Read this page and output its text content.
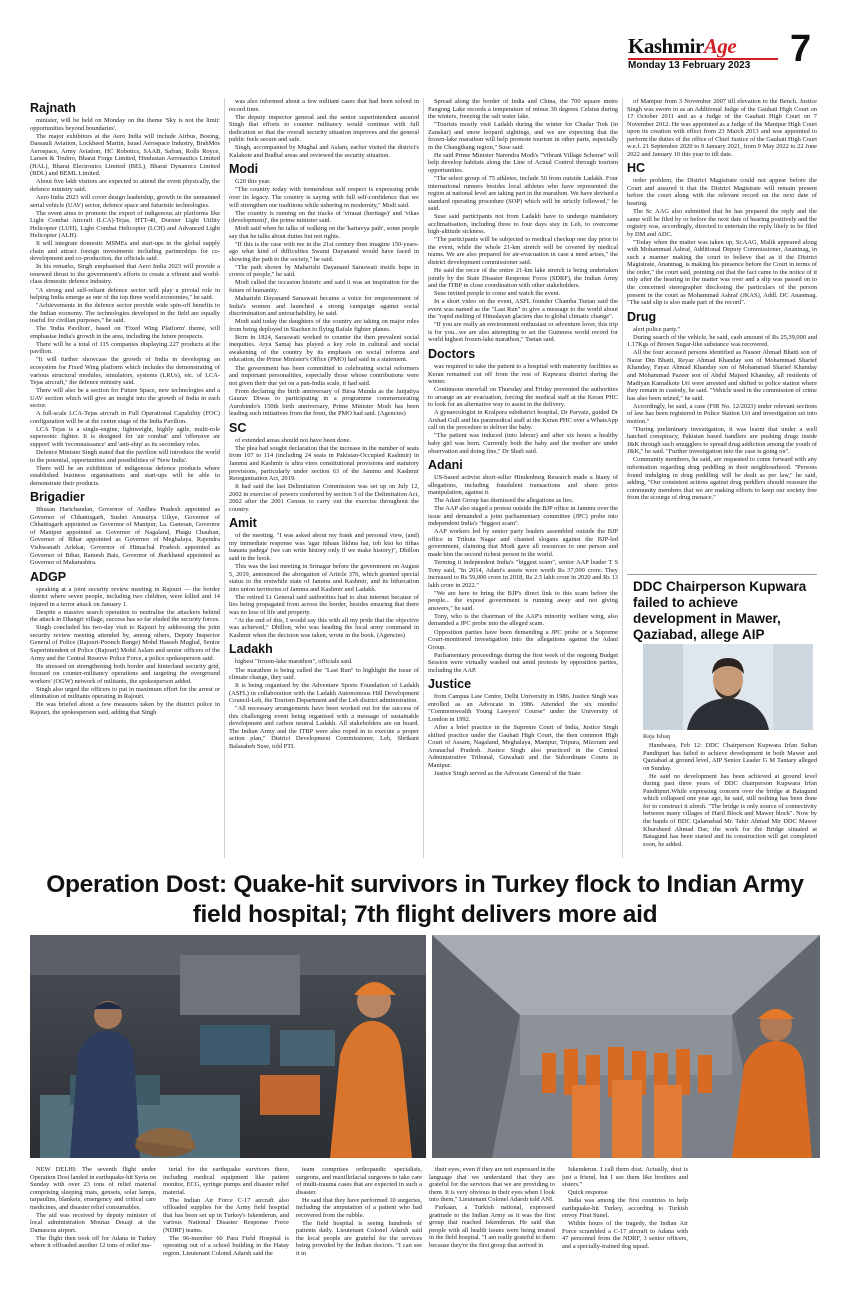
KashmirAge
Monday 13 February 2023 7
Rajnath

minister, will be held on Monday on the theme 'Sky is not the limit: opportunities beyond boundaries'.

The major exhibitors at the Aero India will include Airbus, Boeing, Dassault Aviation, Lockheed Martin, Israel Aerospace Industry, BrahMos Aerospace, Army Aviation, HC Robotics, SAAB, Safran, Rolls Royce, Larsen & Toubro, Bharat Forge Limited, Hindustan Aeronautics Limited (HAL), Bharat Electronics Limited (BEL), Bharat Dynamics Limited (BDL) and BEML Limited.

About five lakh visitors are expected to attend the event physically, the defence ministry said.

Aero India 2023 will cover design leadership, growth in the unmanned aerial vehicle (UAV) sector, defence space and futuristic technologies.

The event aims to promote the export of indigenous air platforms like Light Combat Aircraft (LCA)-Tejas, HTT-40, Dornier Light Utility Helicopter (LUH), Light Combat Helicopter (LCH) and Advanced Light Helicopter (ALH).

It will integrate domestic MSMEs and start-ups in the global supply chain and attract foreign investments including partnerships for co-development and co-production, the officials said.

In his remarks, Singh emphasised that Aero India 2023 will provide a renewed thrust to the government's efforts to create a vibrant and world-class domestic defence industry.

"A strong and self-reliant defence sector will play a pivotal role in helping India emerge as one of the top three world economies," he said.

"Achievements in the defence sector provide wide spin-off benefits to the Indian economy. The technologies developed in the field are equally useful for civilian purposes," he said.

The 'India Pavilion', based on 'Fixed Wing Platform' theme, will emphasise India's growth in the area, including the future prospects.

There will be a total of 115 companies displaying 227 products at the pavilion.

"It will further showcase the growth of India in developing an ecosystem for Fixed Wing platform which includes the demonstrating of various structural modules, simulators, systems (LRUs), etc. of LCA-Tejas aircraft," the defence ministry said.

There will also be a section for Future Space, new technologies and a UAV section which will give an insight into the growth of India in each sector.

A full-scale LCA-Tejas aircraft in Full Operational Capability (FOC) configuration will be at the centre stage of the India Pavilion.

LCA Tejas is a single-engine, lightweight, highly agile, multi-role supersonic fighter. It is designed for 'air combat' and 'offensive air support' with 'reconnaissance' and 'anti-ship' as its secondary roles.

Defence Minister Singh stated that the pavilion will introduce the world to the potential, opportunities and possibilities of 'New India'.

There will be an exhibition of indigenous defence products where established business organisations and start-ups will be able to demonstrate their products.

Brigadier

Bhusan Harichandan, Governor of Andhra Pradesh appointed as Governor of Chhattisgarh, Sushri Anusuiya Uikye, Governor of Chhattisgarh appointed as Governor of Manipur, La. Ganesan, Governor of Manipur appointed as Governor of Nagaland, Phagu Chauhan, Governor of Bihar appointed as Governor of Meghalaya, Rajendra Vishwanath Arlekar, Governor of Himachal Pradesh appointed as Governor of Bihar, Ramesh Bais, Governor of Jharkhand appointed as Governor of Maharashtra.

ADGP

speaking at a joint security review meeting in Rajouri — the border district where seven people, including two children, were killed and 14 injured in a terror attack on January 1.

Despite a massive search operation to neutralise the attackers behind the attack in Dhangri village, success has so far eluded the security forces.

Singh concluded his two-day visit to Rajouri by addressing the joint security review meeting attended by, among others, Deputy Inspector General of Police (Rajouri-Poonch Range) Mohd Haseeb Mughal, Senior Superintendent of Police (Rajouri) Mohd Aslam and senior officers of the Army and the Central Reserve Police Force, a police spokesperson said.

He stressed on strengthening both border and hinterland security grid, focused on counter-militancy operations and targeting the overground workers' (OGW) network of militants, the spokesperson added.

Singh also urged the officers to put in maximum effort for the arrest or elimination of militants operating in Rajouri.

He was briefed about a few measures taken by the district police in Rajouri, the spokesperson said, adding that Singh

was also informed about a few militant cases that had been solved in record time.

The deputy inspector general and the senior superintendent assured Singh that efforts to counter militancy would continue with full dedication so that the overall security situation improves and the general public feels secure and safe.

Singh, accompanied by Mughal and Aslam, earlier visited the district's Kalakote and Budhal areas and reviewed the security situation.

Modi

G20 this year.

"The country today with tremendous self respect is expressing pride over its legacy. The country is saying with full self-confidence that we will strengthen our traditions while ushering in modernity," Modi said.

The country is running on the tracks of 'virasat (heritage)' and 'vikas (development)', the prime minister said.

Modi said when he talks of walking on the 'kartavya path', some people say that he talks about duties but not rights.

"If this is the case with me in the 21st century then imagine 150-years-ago what kind of difficulties Swami Dayanand would have faced in showing the path to the society," he said.

"The path shown by Maharishi Dayanand Saraswati instils hope in crores of people," he said.

Modi called the occasion historic and said it was an inspiration for the future of humanity.

Maharishi Dayanand Saraswati became a voice for empowerment of India's women and launched a strong campaign against social discrimination and untouchability, he said.

Modi said today the daughters of the country are taking on major roles from being deployed in Siachen to flying Rafale fighter planes.

Born in 1824, Saraswati worked to counter the then prevalent social inequities. Arya Samaj has played a key role in cultural and social awakening of the country by its emphasis on social reforms and education, the Prime Minister's Office (PMO) had said in a statement.

The government has been committed to celebrating social reformers and important personalities, especially those whose contributions were not given their due yet on a pan-India scale, it had said.

From declaring the birth anniversary of Birsa Munda as the Janjatiya Gaurav Diwas to participating in a programme commemorating Aurobindo's 150th birth anniversary, Prime Minister Modi has been leading such initiatives from the front, the PMO had said. (Agencies)

SC

of extended areas should not have been done.

The plea had sought declaration that the increase in the number of seats from 107 to 114 (including 24 seats in Pakistan-Occupied Kashmir) in Jammu and Kashmir is ultra vires constitutional provisions and statutory provisions, particularly under section 63 of the Jammu and Kashmir Reorganisation Act, 2019.

It had said the last Delimitation Commission was set up on July 12, 2002 in exercise of powers conferred by section 3 of the Delimitation Act, 2002 after the 2001 Census to carry out the exercise throughout the country.

Amit

of the meeting. "I was asked about my frank and personal view, (and) my immediate response was 'agar itihaas likhna hai, toh kisi ko itihas banana padega' (we can write history only if we make history)", Dhillon said in the book.

This was the last meeting in Srinagar before the government on August 5, 2019, announced the abrogation of Article 370, which granted special status to the erstwhile state of Jammu and Kashmir, and its bifurcation into union territories of Jammu and Kashmir and Ladakh.

The retired Lt General said authorities had to shut internet because of lies being propagated from across the border, besides ensuring that there was no loss of life and property.

"At the end of this, I would say this with all my pride that the objective was achieved," Dhillon, who was heading the local army command in Kashmir when the decision was taken, wrote in the book. (Agencies)

Ladakh

highest "frozen-lake marathon", officials said.

The marathon is being called the "Last Run" to highlight the issue of climate change, they said.

It is being organised by the Adventure Sports Foundation of Ladakh (ASFL) in collaboration with the Ladakh Autonomous Hill Development Council-Leh, the Tourism Department and the Leh district administration.

"All necessary arrangements have been worked out for the success of this challenging event being organised with a message of sustainable development and carbon neutral Ladakh. All stakeholders are on board. The Indian Army and the ITBP were also roped in to execute a proper action plan," District Development Commissioner, Leh, Shrikant Balasaheb Suse, told PTI.

Spread along the border of India and China, the 700 square metre Pangong Lake records a temperature of minus 30 degrees Celsius during the winters, freezing the salt water lake.

"Tourists mostly visit Ladakh during the winter for Chadar Trek (in Zanskar) and snow leopard sightings, and we are expecting that the frozen-lake marathon will help promote tourism in other parts, especially in the Changthang region," Suse said.

He said Prime Minister Narendra Modi's "Vibrant Village Scheme" will help develop habitats along the Line of Actual Control through tourism opportunities.

"The select group of 75 athletes, include 50 from outside Ladakh. Four international runners besides local athletes who have represented the region at national level are taking part in the marathon. We have devised a standard operating procedure (SOP) which will be strictly followed," he said.

Suse said participants not from Ladakh have to undergo mandatory acclimatisation, including three to four days stay in Leh, to overcome high-altitude sickness.

"The participants will be subjected to medical checkup one day prior to the event, while the whole 21-km stretch will be covered by medical teams. We are also prepared for air-evacuation in case a need arises," the district development commissioner said.

He said the recce of the entire 21-km lake stretch is being undertaken jointly by the State Disaster Response Force (SDRF), the Indian Army and the ITBP in close coordination with other stakeholders.

Suse invited people to come and watch the event.

In a short video on the event, ASFL founder Chamba Tsetan said the event was named as the "Last Run" to give a message to the world about the "rapid melting of Himalayan glaciers due to global climatic change".

"If you are really an environment enthusiast or adventure lover, this trip is for you...we are also attempting to set the Guinness world record for world highest frozen-lake marathon," Tsetan said.

Doctors

was required to take the patient to a hospital with maternity facilities as Keran remained cut off from the rest of Kupwara district during the winter.

Continuous snowfall on Thursday and Friday prevented the authorities to arrange an air evacuation, forcing the medical staff at the Keran PHC to look for an alternative way to assist in the delivery.

A gynaecologist in Kralpora subdistrict hospital, Dr Parvaiz, guided Dr Arshad Gull and his paramedical staff at the Keran PHC over a WhatsApp call on the procedure to deliver the baby.

"The patient was induced (into labour) and after six hours a healthy baby girl was born. Currently both the baby and the mother are under observation and doing fine," Dr Shafi said.

Adani

US-based activist short-seller Hindenburg Research made a litany of allegations, including fraudulent transactions and share price manipulation, against it.

The Adani Group has dismissed the allegations as lies.

The AAP also staged a protest outside the BJP office in Jammu over the issue and demanded a joint parliamentary committee (JPC) probe into independent India's "biggest scam".

AAP workers led by senior party leaders assembled outside the BJP office in Trikuta Nagar and chanted slogans against the BJP-led government, claiming that Modi gave all resources to one person and made him the second richest person in the world.

Terming it independent India's "biggest scam", senior AAP leader T S Tony said, "In 2014, Adani's assets were worth Rs 37,000 crore. They increased to Rs 59,000 crore in 2018, Rs 2.5 lakh crore in 2020 and Rs 13 lakh crore in 2022."

"We are here to bring the BJP's direct link to this scam before the people... the exposé government is running away and not giving answers," he said.

Tony, who is the chairman of the AAP's minority welfare wing, also demanded a JPC probe into the alleged scam.

Opposition parties have been demanding a JPC probe or a Supreme Court-monitored investigation into the allegations against the Adani Group.

Parliamentary proceedings during the first week of the ongoing Budget Session were virtually washed out amid protests by opposition parties, including the AAP.

Justice

from Campus Law Centre, Delhi University in 1986. Justice Singh was enrolled as an Advocate in 1986. Attended the six months' "Commonwealth Young Lawyers' Course" under the University of London in 1992.

After a brief practice in the Supreme Court of India, Justice Singh shifted practice under the Gauhati High Court, the then common High Court of Assam, Nagaland, Meghalaya, Manipur, Tripura, Mizoram and Arunachal Pradesh. Justice Singh also practiced in the Central Administrative Tribunal, Guwahati and the Subordinate Courts in Manipur.

Justice Singh served as the Advocate General of the State

of Manipur from 3 November 2007 till elevation to the Bench. Justice Singh was sworn in as an Additional Judge of the Gauhati High Court on 17 October 2011 and as a Judge of the Gauhati High Court on 7 November 2012. He was appointed as a Judge of the Manipur High Court upon its creation with effect from 23 March 2013 and was appointed to perform the duties of the office of Chief Justice of the Gauhati High Court w.e.f. 21 September 2020 to 9 January 2021, from 9 May 2022 to 22 June 2022 and January 10 this year to till date.

HC

order problem, the District Magistrate could not appear before the Court and assured it that the District Magistrate will remain present before the court along with the relevant record on the next date of hearing.

The Sr. AAG also submitted that he has prepared the reply and the same will be filed by or before the next date of hearing positively and the registry was, accordingly, directed to entertain the reply likely to be filed by DM and ADC.

"Today when the matter was taken up, Sr.AAG, Malik appeared along with Mohammad Ashraf, Additional Deputy Commissioner, Anantnag, in such a manner making the court to believe that as if the District Magistrate, Anantnag, is making his presence before the Court in terms of the order," the court said, pointing out that the fact came to the notice of it only after the hearing in the matter was over and a slip was passed on to the concerned stenographer disclosing the particulars of the person present in the court as Mohammad Ashraf (JKAS), Addl. DC Anantnag. "The said slip is also made part of the record".

Drug

alert police party."

During search of the vehicle, he said, cash amount of Rs 25,39,000 and 1.17Kgs of Brown Sugar-like substance was recovered.

All the four accused persons identified as Naseer Ahmad Bhatti son of Nazar Din Bhatti, Reyaz Ahmad Khanday son of Mohammad Sharief Khanday, Fayaz Ahmad Khanday son of Mohammad Sharief Khanday and Mohammad Pazeer son of Abdul Majeed Khanday, all residents of Madiyan Kamalkote Uri were arrested and shifted to police station where they remain in custody, he said. "Vehicle used in the commission of crime has also been seized," he said.

Accordingly, he said, a case (FIR No. 12/2023) under relevant sections of law has been registered in Police Station Uri and investigation set into motion."

"During preliminary investigation, it was learnt that under a well hatched conspiracy, Pakistan based handlers are pushing drugs inside J&K through such smugglers to spread drug addiction among the youth of J&K," he said. "Further investigation into the case is going on".

Community members, he said, are requested to come forward with any information regarding drug peddling in their neighbourhood. "Persons found indulging in drug peddling will be dealt as per law," he said, adding, "Our consistent actions against drug peddlers should reassure the community members that we are making efforts to keep our society free from the scourge of drug menace."

DDC Chairperson Kupwara failed to achieve development in Mawer, Qaziabad, allege AIP
Raja Ishaq

Handwara, Feb 12: DDC Chairperson Kupwara Irfan Sultan Panditpuri has failed to achieve development in both Mawer and Qaziabad at ground level, AIP Senior Leader G M Tantary alleged on Sunday.

He said no development has been achieved at ground level during past three years of DDC chairperson Kupwara Irfan Panditpuri.While expressing concern over the bridge at Batagund which collapsed one year ago, he said, still nothing has been done for to construct it afresh. "The bridge is only source of connectivity between many villages of Haril Block and Mawer block". Now by the hands of BDC Qalamabad Mr. Tahir Ahmad Mir DDC Mawer Khursheed Ahmad Dar, the work for the Bridge situated at Batagund has been started and its construction will get completed soon, he added.

Operation Dost: Quake-hit survivors in Turkey flock to Indian Army field hospital; 7th flight delivers more aid

NEW DELHI: The seventh flight under Operation Dost landed in earthquake-hit Syria on Sunday with over 23 tons of relief material comprising sleeping mats, gensets, solar lamps, tarpaulins, blankets, emergency and critical care medicines, and disaster relief consumables.

The aid was received by deputy minister of local administration Moutaz Douaji at the Damascus airport.

The flight then took off for Adana in Turkey where it offloaded another 12 tons of relief ma-

terial for the earthquake survivors there, including medical equipment like patient monitor, ECG, syringe pumps and disaster relief material.

The Indian Air Force C-17 aircraft also offloaded supplies for the Army field hospital that has been set up in Turkey's Iskenderun, and various National Disaster Response Force (NDRF) teams.

The 96-member 60 Para Field Hospital is operating out of a school building in the Hatay region. Lieutenant Colonel Adarsh said the

team comprises orthopaedic specialists, surgeons, and maxillofacial surgeons to take care of multi-trauma cases that are expected in such a disaster.

He said that they have performed 10 surgeries, including the amputation of a patient who had recovered from the rubble.

The field hospital is seeing hundreds of patients daily. Lieutenant Colonel Adarsh said the local people are grateful for the services being provided by the Indian doctors. "I can see it in

their eyes, even if they are not expressed in the language that we understand that they are grateful for the services that we are providing to them. It is very obvious in their eyes when I look into them," Lieutenant Colonel Adarsh told ANI.

Furkaan, a Turkish national, expressed gratitude to the Indian Army as it was the first group that reached Iskenderun. He said that people with all health issues were being treated in the field hospital. "I am really grateful to them because they're the first group that arrived in

Iskenderun. I call them dost. Actually, dost is just a friend, but I see them like brothers and sisters."

Quick response

India was among the first countries to help earthquake-hit Turkey, according to Turkish envoy Firat Sunel.

Within hours of the tragedy, the Indian Air Force scrambled a C-17 aircraft to Adana with 47 personnel from the NDRF, 3 senior officers, and a specially-trained dog squad.
